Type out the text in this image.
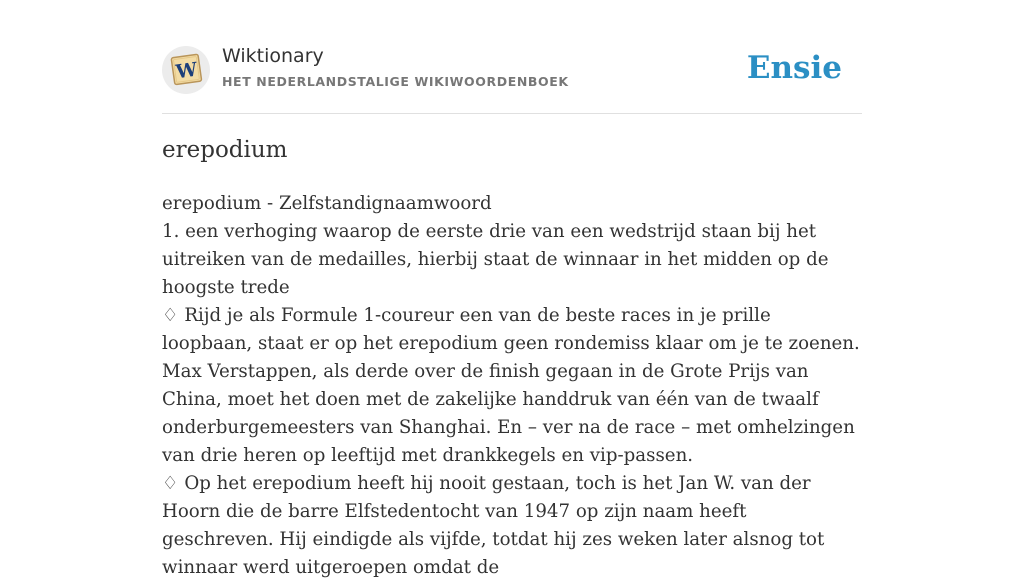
W
Wiktionary
HET NEDERLANDSTALIGE WIKIWOORDENBOEK	Ensie
erepodium

erepodium - Zelfstandignaamwoord

1. een verhoging waarop de eerste drie van een wedstrijd staan bij het uitreiken van de medailles, hierbij staat de winnaar in het midden op de hoogste trede

♢ Rijd je als Formule 1-coureur een van de beste races in je prille loopbaan, staat er op het erepodium geen rondemiss klaar om je te zoenen. Max Verstappen, als derde over de finish gegaan in de Grote Prijs van China, moet het doen met de zakelijke handdruk van één van de twaalf onderburgemeesters van Shanghai. En – ver na de race – met omhelzingen van drie heren op leeftijd met drankkegels en vip-passen.

♢ Op het erepodium heeft hij nooit gestaan, toch is het Jan W. van der Hoorn die de barre Elfstedentocht van 1947 op zijn naam heeft geschreven. Hij eindigde als vijfde, totdat hij zes weken later alsnog tot winnaar werd uitgeroepen omdat de
